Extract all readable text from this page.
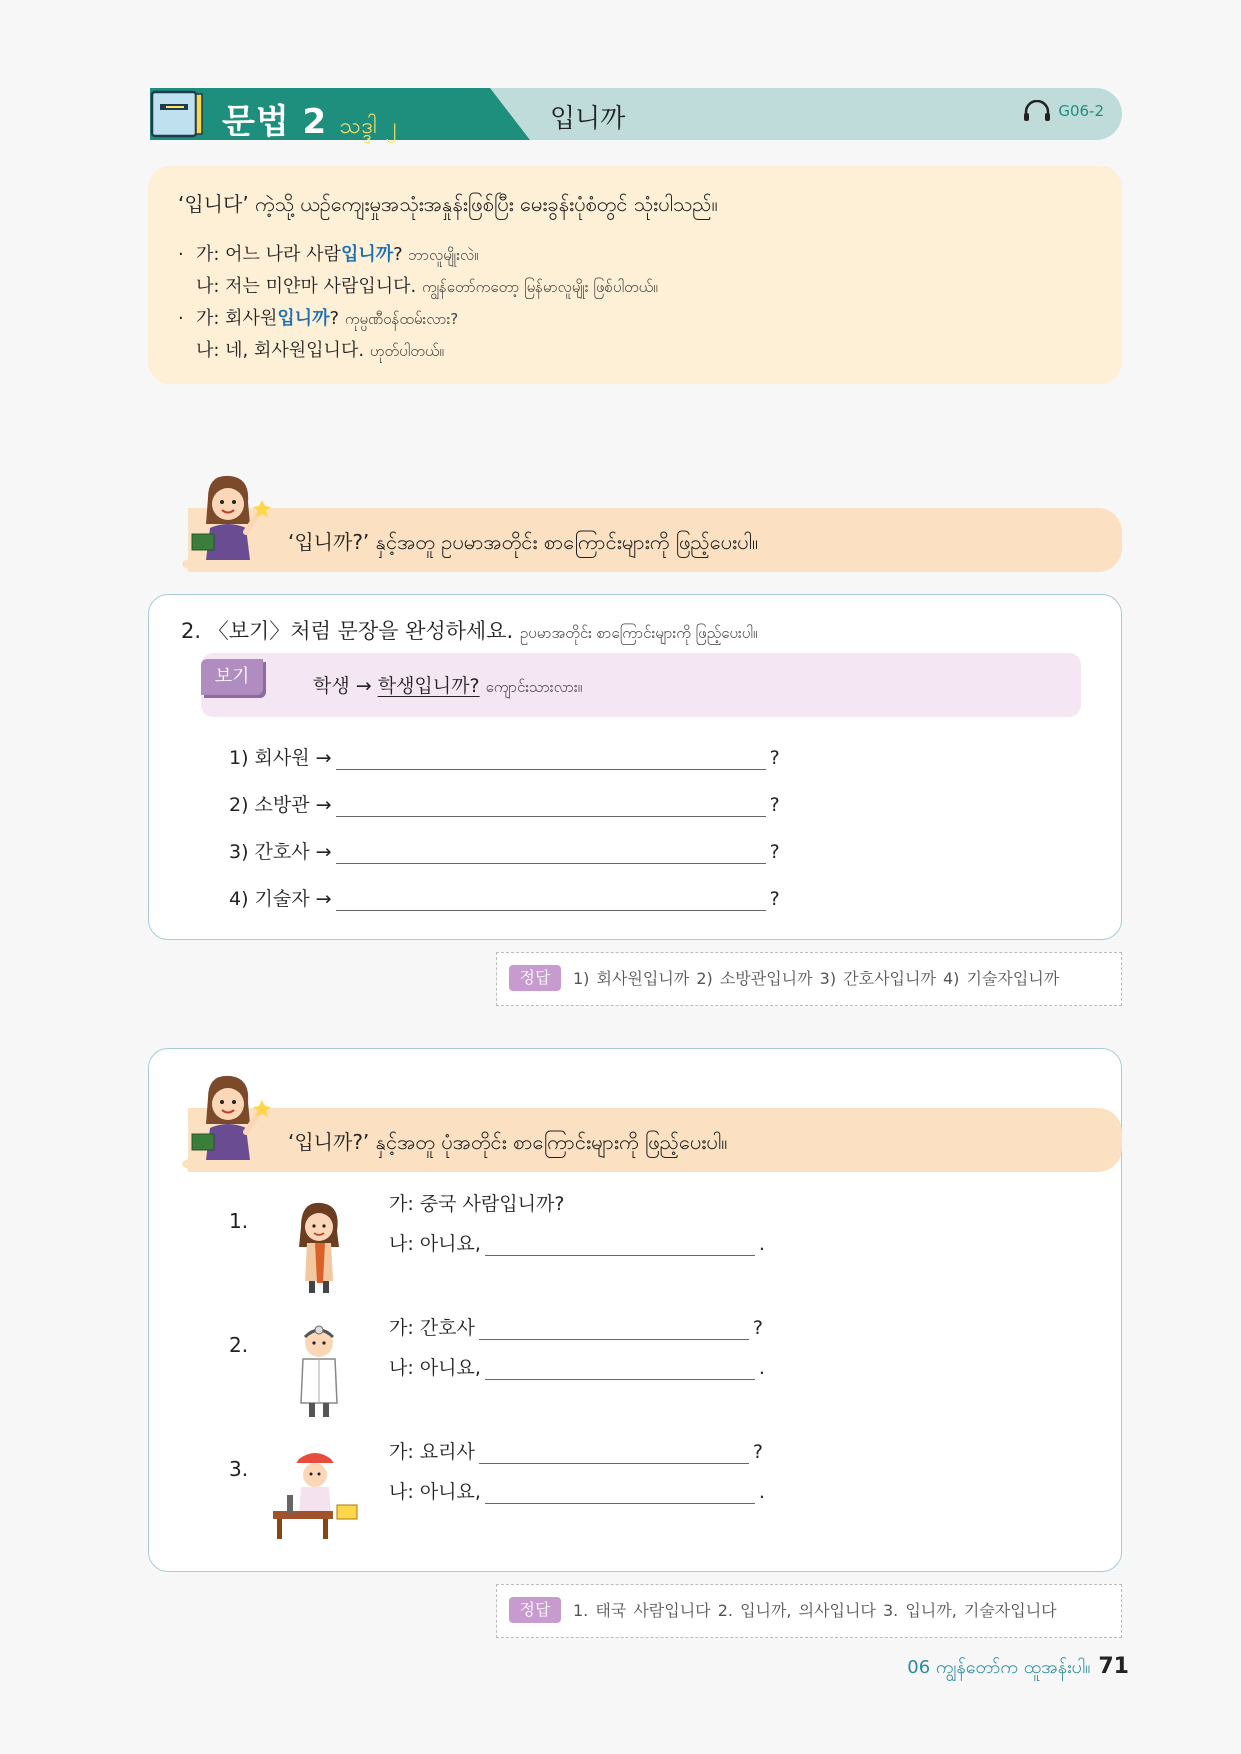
문법 2 သဒ္ဒါ ၂	입니까	G06-2
‘입니다’ ကဲ့သို့ ယဉ်ကျေးမှုအသုံးအနှုန်းဖြစ်ပြီး မေးခွန်းပုံစံတွင် သုံးပါသည်။
· 가: 어느 나라 사람입니까? ဘာလူမျိုးလဲ။
나: 저는 미얀마 사람입니다. ကျွန်တော်ကတော့ မြန်မာလူမျိုး ဖြစ်ပါတယ်။
· 가: 회사원입니까? ကုမ္ပဏီဝန်ထမ်းလား?
나: 네, 회사원입니다. ဟုတ်ပါတယ်။
‘입니까?’ နှင့်အတူ ဥပမာအတိုင်း စာကြောင်းများကို ဖြည့်ပေးပါ။
2. 〈보기〉처럼 문장을 완성하세요. ဥပမာအတိုင်း စာကြောင်းများကို ဖြည့်ပေးပါ။
보기	학생 → 학생입니까? ကျောင်းသားလား။
1) 회사원 →	?
2) 소방관 →	?
3) 간호사 →	?
4) 기술자 →	?
정답	1) 회사원입니까 2) 소방관입니까 3) 간호사입니까 4) 기술자입니까
1.
가: 중국 사람입니까?
나: 아니요,	.
2.
가: 간호사	?
나: 아니요,	.
3.
가: 요리사	?
나: 아니요,	.
‘입니까?’ နှင့်အတူ ပုံအတိုင်း စာကြောင်းများကို ဖြည့်ပေးပါ။
정답	1. 태국 사람입니다 2. 입니까, 의사입니다 3. 입니까, 기술자입니다
06 ကျွန်တော်က ထူအန်းပါ။ 71
